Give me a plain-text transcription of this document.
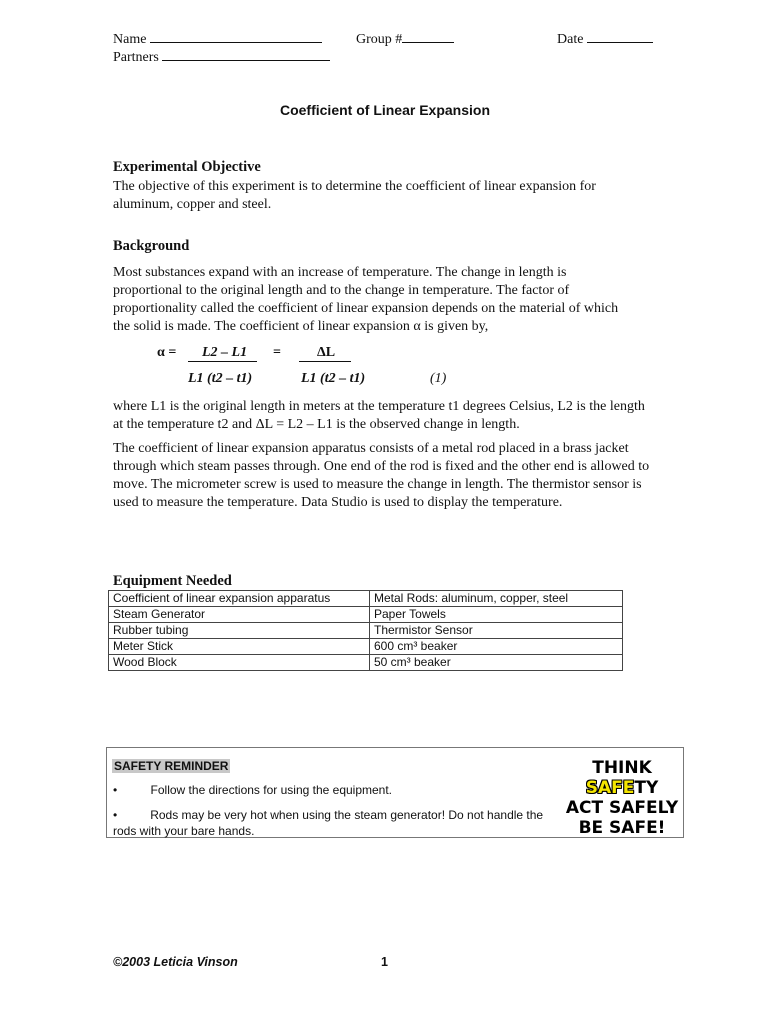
Name	Group #	Date
Partners
Coefficient of Linear Expansion
Experimental Objective
The objective of this experiment is to determine the coefficient of linear expansion for aluminum, copper and steel.
Background
Most substances expand with an increase of temperature. The change in length is proportional to the original length and to the change in temperature. The factor of proportionality called the coefficient of linear expansion depends on the material of which the solid is made. The coefficient of linear expansion α is given by,
α =	L2 – L1	=	ΔL
L1 (t2 – t1)	L1 (t2 – t1)	(1)
where L1 is the original length in meters at the temperature t1 degrees Celsius, L2 is the length at the temperature t2 and ΔL = L2 – L1 is the observed change in length.
The coefficient of linear expansion apparatus consists of a metal rod placed in a brass jacket through which steam passes through. One end of the rod is fixed and the other end is allowed to move. The micrometer screw is used to measure the change in length. The thermistor sensor is used to measure the temperature. Data Studio is used to display the temperature.
Equipment Needed
Coefficient of linear expansion apparatus	Metal Rods: aluminum, copper, steel
Steam Generator	Paper Towels
Rubber tubing	Thermistor Sensor
Meter Stick	600 cm³ beaker
Wood Block	50 cm³ beaker
SAFETY REMINDER
•	Follow the directions for using the equipment.
•	Rods may be very hot when using the steam generator! Do not handle the rods with your bare hands.
THINK SAFETY
ACT SAFELY
BE SAFE!
©2003 Leticia Vinson	1
